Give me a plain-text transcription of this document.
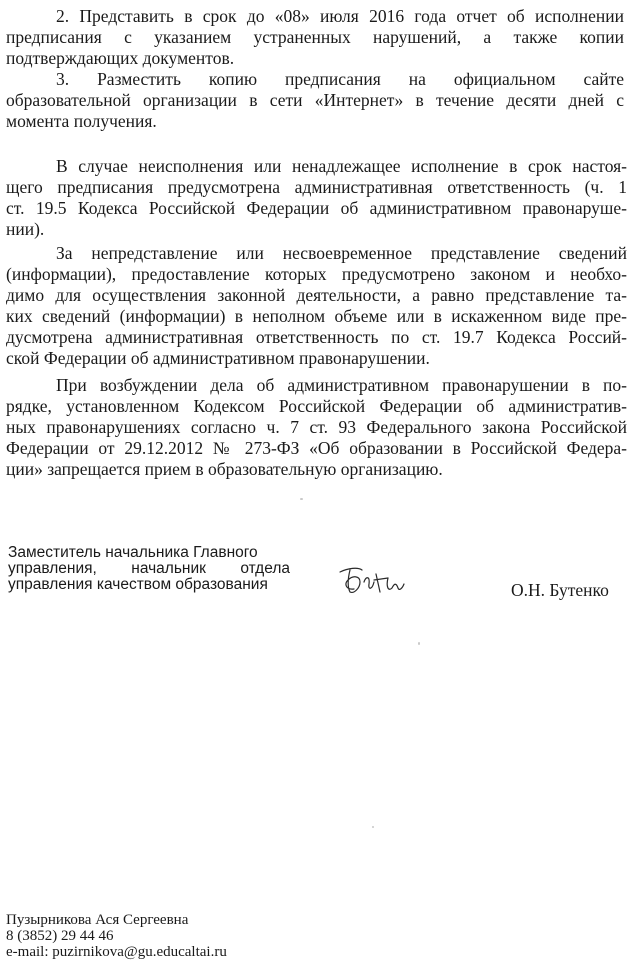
2. Представить в срок до «08» июля 2016 года отчет об исполнении
предписания с указанием устраненных нарушений, а также копии
подтверждающих документов.
3. Разместить копию предписания на официальном сайте
образовательной организации в сети «Интернет» в течение десяти дней с
момента получения.
В случае неисполнения или ненадлежащее исполнение в срок настоя-
щего предписания предусмотрена административная ответственность (ч. 1
ст. 19.5 Кодекса Российской Федерации об административном правонаруше-
нии).
За непредставление или несвоевременное представление сведений
(информации), предоставление которых предусмотрено законом и необхо-
димо для осуществления законной деятельности, а равно представление та-
ких сведений (информации) в неполном объеме или в искаженном виде пре-
дусмотрена административная ответственность по ст. 19.7 Кодекса Россий-
ской Федерации об административном правонарушении.
При возбуждении дела об административном правонарушении в по-
рядке, установленном Кодексом Российской Федерации об административ-
ных правонарушениях согласно ч. 7 ст. 93 Федерального закона Российской
Федерации от 29.12.2012 № 273-ФЗ «Об образовании в Российской Федера-
ции» запрещается прием в образовательную организацию.
Заместитель начальника Главного
управления, начальник отдела
управления качеством образования	О.Н. Бутенко
Пузырникова Ася Сергеевна
8 (3852) 29 44 46
e-mail: puzirnikova@gu.educaltai.ru
